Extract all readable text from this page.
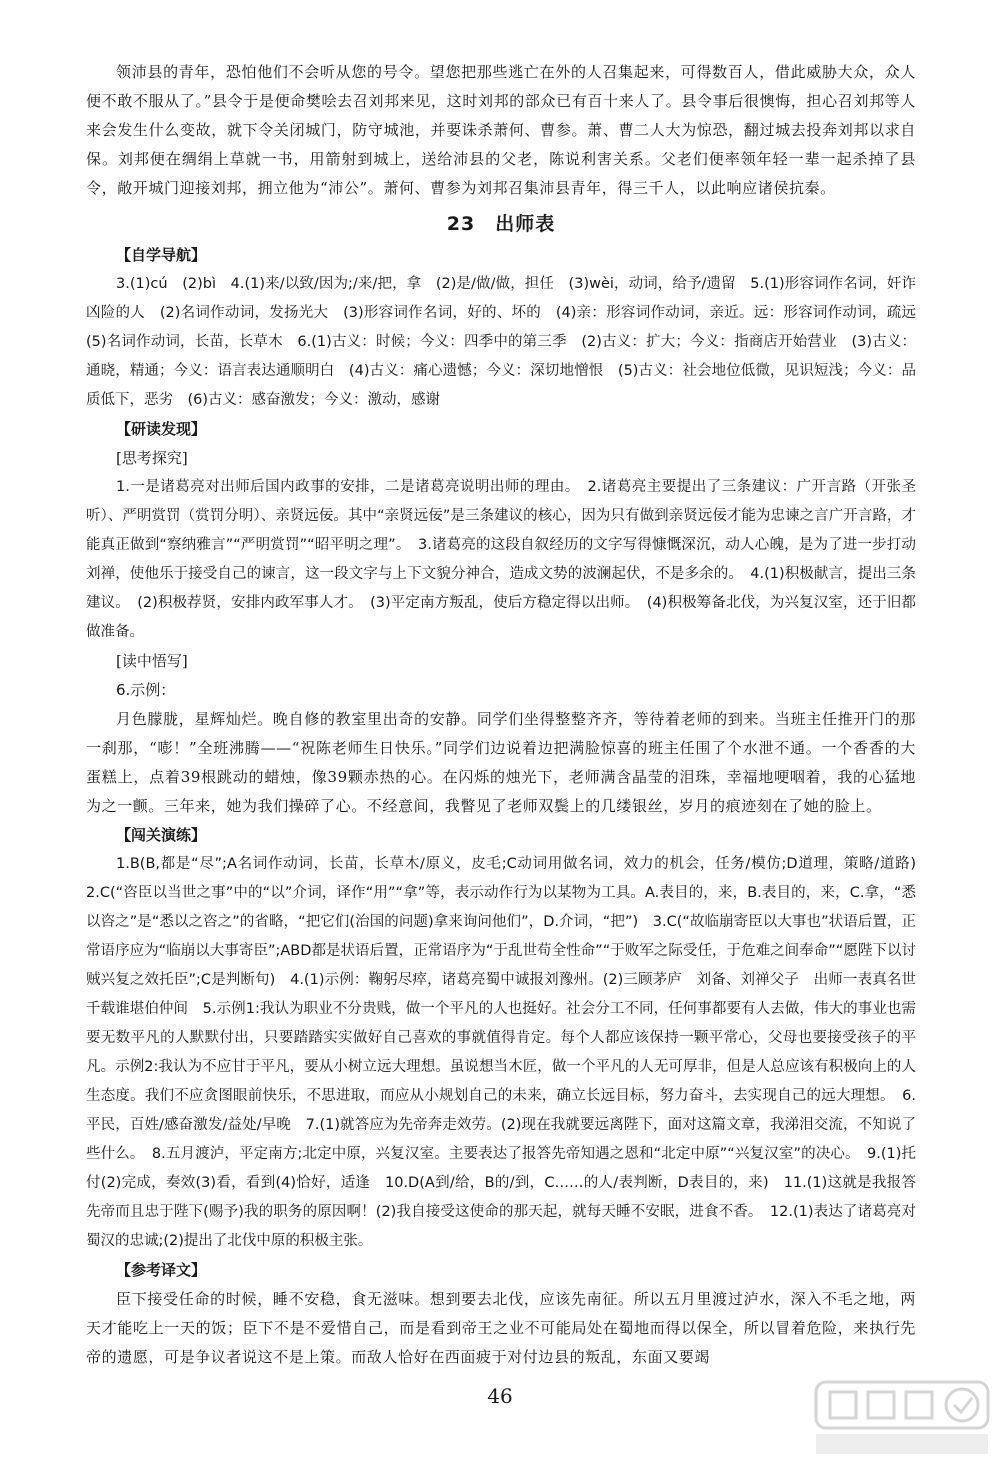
领沛县的青年，恐怕他们不会听从您的号令。望您把那些逃亡在外的人召集起来，可得数百人，借此威胁大众，众人便不敢不服从了。”县令于是便命樊哙去召刘邦来见，这时刘邦的部众已有百十来人了。县令事后很懊悔，担心召刘邦等人来会发生什么变故，就下令关闭城门，防守城池，并要诛杀萧何、曹参。萧、曹二人大为惊恐，翻过城去投奔刘邦以求自保。刘邦便在绸绢上草就一书，用箭射到城上，送给沛县的父老，陈说利害关系。父老们便率领年轻一辈一起杀掉了县令，敞开城门迎接刘邦，拥立他为“沛公”。萧何、曹参为刘邦召集沛县青年，得三千人，以此响应诸侯抗秦。

23　出师表
【自学导航】

3.(1)cú　(2)bì　4.(1)来/以致/因为;/来/把，拿　(2)是/做/做，担任　(3)wèi，动词，给予/遗留　5.(1)形容词作名词，奸诈凶险的人　(2)名词作动词，发扬光大　(3)形容词作名词，好的、坏的　(4)亲：形容词作动词，亲近。远：形容词作动词，疏远　(5)名词作动词，长苗，长草木　6.(1)古义：时候；今义：四季中的第三季　(2)古义：扩大；今义：指商店开始营业　(3)古义：通晓，精通；今义：语言表达通顺明白　(4)古义：痛心遗憾；今义：深切地憎恨　(5)古义：社会地位低微，见识短浅；今义：品质低下，恶劣　(6)古义：感奋激发；今义：激动，感谢

【研读发现】
[思考探究]

1.一是诸葛亮对出师后国内政事的安排，二是诸葛亮说明出师的理由。　2.诸葛亮主要提出了三条建议：广开言路（开张圣听）、严明赏罚（赏罚分明）、亲贤远佞。其中“亲贤远佞”是三条建议的核心，因为只有做到亲贤远佞才能为忠谏之言广开言路，才能真正做到“察纳雅言”“严明赏罚”“昭平明之理”。　3.诸葛亮的这段自叙经历的文字写得慷慨深沉，动人心魄，是为了进一步打动刘禅，使他乐于接受自己的谏言，这一段文字与上下文貌分神合，造成文势的波澜起伏，不是多余的。　4.(1)积极献言，提出三条建议。　(2)积极荐贤，安排内政军事人才。　(3)平定南方叛乱，使后方稳定得以出师。　(4)积极筹备北伐，为兴复汉室，还于旧都做准备。

[读中悟写]
6.示例：

月色朦胧，星辉灿烂。晚自修的教室里出奇的安静。同学们坐得整整齐齐，等待着老师的到来。当班主任推开门的那一刹那，“嘭！”全班沸腾——“祝陈老师生日快乐。”同学们边说着边把满脸惊喜的班主任围了个水泄不通。一个香香的大蛋糕上，点着39根跳动的蜡烛，像39颗赤热的心。在闪烁的烛光下，老师满含晶莹的泪珠，幸福地哽咽着，我的心猛地为之一颤。三年来，她为我们操碎了心。不经意间，我瞥见了老师双鬓上的几缕银丝，岁月的痕迹刻在了她的脸上。

【闯关演练】

1.B(B,都是“尽”;A名词作动词，长苗，长草木/原义，皮毛;C动词用做名词，效力的机会，任务/模仿;D道理，策略/道路)　2.C(“咨臣以当世之事”中的“以”介词，译作“用”“拿”等，表示动作行为以某物为工具。A.表目的，来，B.表目的，来，C.拿，“悉以咨之”是“悉以之咨之”的省略，“把它们(治国的问题)拿来询问他们”，D.介词，“把”)　3.C(“故临崩寄臣以大事也”状语后置，正常语序应为“临崩以大事寄臣”;ABD都是状语后置，正常语序为“于乱世苟全性命”“于败军之际受任，于危难之间奉命”“愿陛下以讨贼兴复之效托臣”;C是判断句)　4.(1)示例：鞠躬尽瘁，诸葛亮蜀中诚报刘豫州。(2)三顾茅庐　刘备、刘禅父子　出师一表真名世　千载谁堪伯仲间　5.示例1:我认为职业不分贵贱，做一个平凡的人也挺好。社会分工不同，任何事都要有人去做，伟大的事业也需要无数平凡的人默默付出，只要踏踏实实做好自己喜欢的事就值得肯定。每个人都应该保持一颗平常心，父母也要接受孩子的平凡。示例2:我认为不应甘于平凡，要从小树立远大理想。虽说想当木匠，做一个平凡的人无可厚非，但是人总应该有积极向上的人生态度。我们不应贪图眼前快乐，不思进取，而应从小规划自己的未来，确立长远目标，努力奋斗，去实现自己的远大理想。　6.平民，百姓/感奋激发/益处/早晚　7.(1)就答应为先帝奔走效劳。(2)现在我就要远离陛下，面对这篇文章，我涕泪交流，不知说了些什么。　8.五月渡泸，平定南方;北定中原，兴复汉室。主要表达了报答先帝知遇之恩和“北定中原”“兴复汉室”的决心。　9.(1)托付(2)完成，奏效(3)看，看到(4)恰好，适逢　10.D(A到/给，B的/到，C……的人/表判断，D表目的，来)　11.(1)这就是我报答先帝而且忠于陛下(赐予)我的职务的原因啊！(2)我自接受这使命的那天起，就每天睡不安眠，进食不香。　12.(1)表达了诸葛亮对蜀汉的忠诚;(2)提出了北伐中原的积极主张。

【参考译文】

臣下接受任命的时候，睡不安稳，食无滋味。想到要去北伐，应该先南征。所以五月里渡过泸水，深入不毛之地，两天才能吃上一天的饭；臣下不是不爱惜自己，而是看到帝王之业不可能局处在蜀地而得以保全，所以冒着危险，来执行先帝的遗愿，可是争议者说这不是上策。而敌人恰好在西面疲于对付边县的叛乱，东面又要竭

46
